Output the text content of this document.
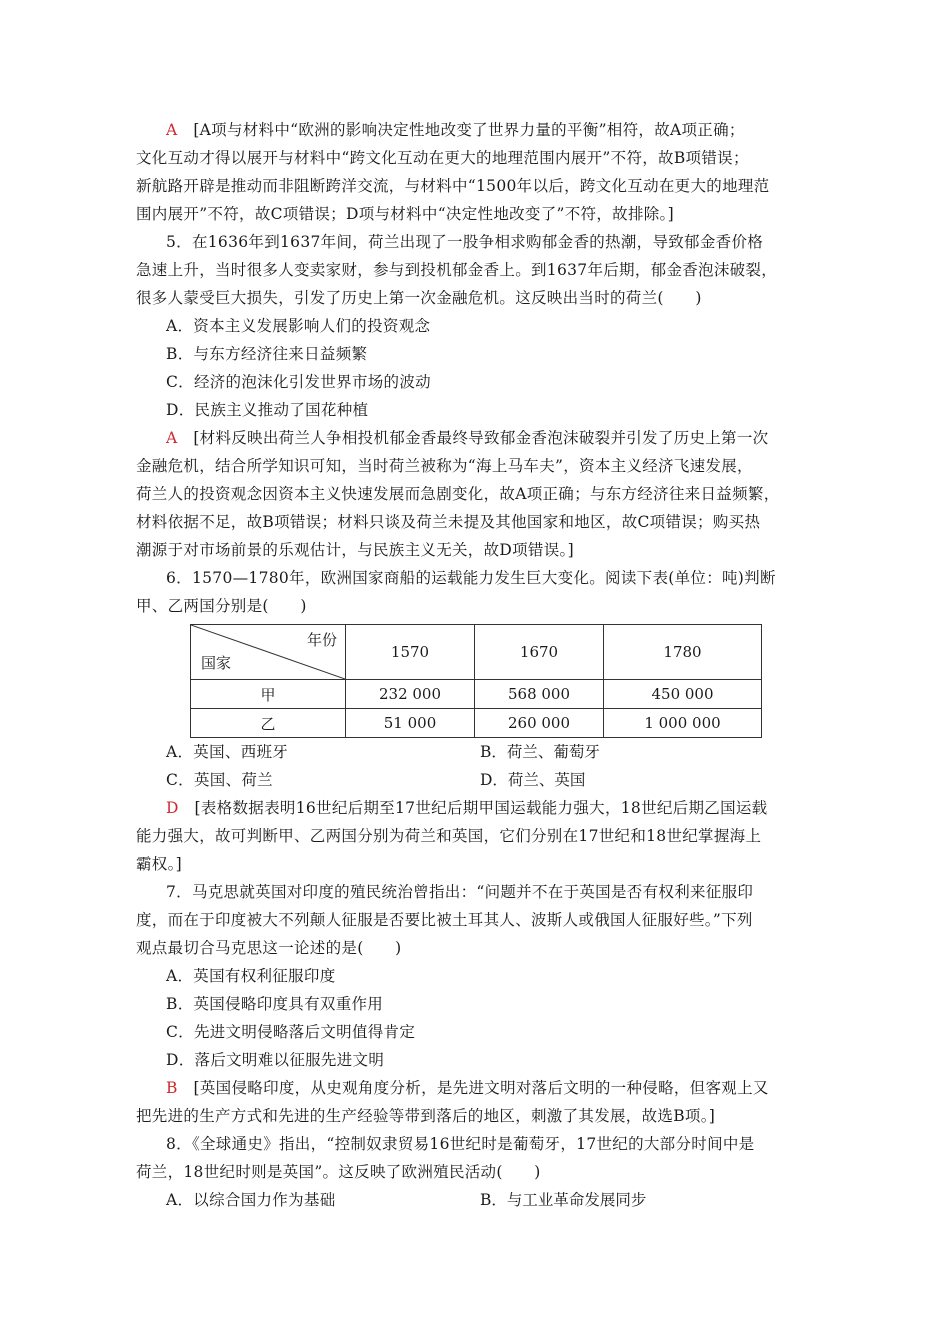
A　 [A项与材料中“欧洲的影响决定性地改变了世界力量的平衡”相符，故A项正确；
文化互动才得以展开与材料中“跨文化互动在更大的地理范围内展开”不符，故B项错误；
新航路开辟是推动而非阻断跨洋交流，与材料中“1500年以后，跨文化互动在更大的地理范
围内展开”不符，故C项错误；D项与材料中“决定性地改变了”不符，故排除。]
5．在1636年到1637年间，荷兰出现了一股争相求购郁金香的热潮，导致郁金香价格
急速上升，当时很多人变卖家财，参与到投机郁金香上。到1637年后期，郁金香泡沫破裂，
很多人蒙受巨大损失，引发了历史上第一次金融危机。这反映出当时的荷兰(　　)
A．资本主义发展影响人们的投资观念
B．与东方经济往来日益频繁
C．经济的泡沫化引发世界市场的波动
D．民族主义推动了国花种植
A　 [材料反映出荷兰人争相投机郁金香最终导致郁金香泡沫破裂并引发了历史上第一次
金融危机，结合所学知识可知，当时荷兰被称为“海上马车夫”，资本主义经济飞速发展，
荷兰人的投资观念因资本主义快速发展而急剧变化，故A项正确；与东方经济往来日益频繁，
材料依据不足，故B项错误；材料只谈及荷兰未提及其他国家和地区，故C项错误；购买热
潮源于对市场前景的乐观估计，与民族主义无关，故D项错误。]
6．1570—1780年，欧洲国家商船的运载能力发生巨大变化。阅读下表(单位：吨)判断
甲、乙两国分别是(　　)
年份
国家	1570	1670	1780
甲	232 000	568 000	450 000
乙	51 000	260 000	1 000 000
A．英国、西班牙	B．荷兰、葡萄牙
C．英国、荷兰	D．荷兰、英国
D　 [表格数据表明16世纪后期至17世纪后期甲国运载能力强大，18世纪后期乙国运载
能力强大，故可判断甲、乙两国分别为荷兰和英国，它们分别在17世纪和18世纪掌握海上
霸权。]
7．马克思就英国对印度的殖民统治曾指出：“问题并不在于英国是否有权利来征服印
度，而在于印度被大不列颠人征服是否要比被土耳其人、波斯人或俄国人征服好些。”下列
观点最切合马克思这一论述的是(　　)
A．英国有权利征服印度
B．英国侵略印度具有双重作用
C．先进文明侵略落后文明值得肯定
D．落后文明难以征服先进文明
B　 [英国侵略印度，从史观角度分析，是先进文明对落后文明的一种侵略，但客观上又
把先进的生产方式和先进的生产经验等带到落后的地区，刺激了其发展，故选B项。]
8．《全球通史》指出，“控制奴隶贸易16世纪时是葡萄牙，17世纪的大部分时间中是
荷兰，18世纪时则是英国”。这反映了欧洲殖民活动(　　)
A．以综合国力作为基础	B．与工业革命发展同步
